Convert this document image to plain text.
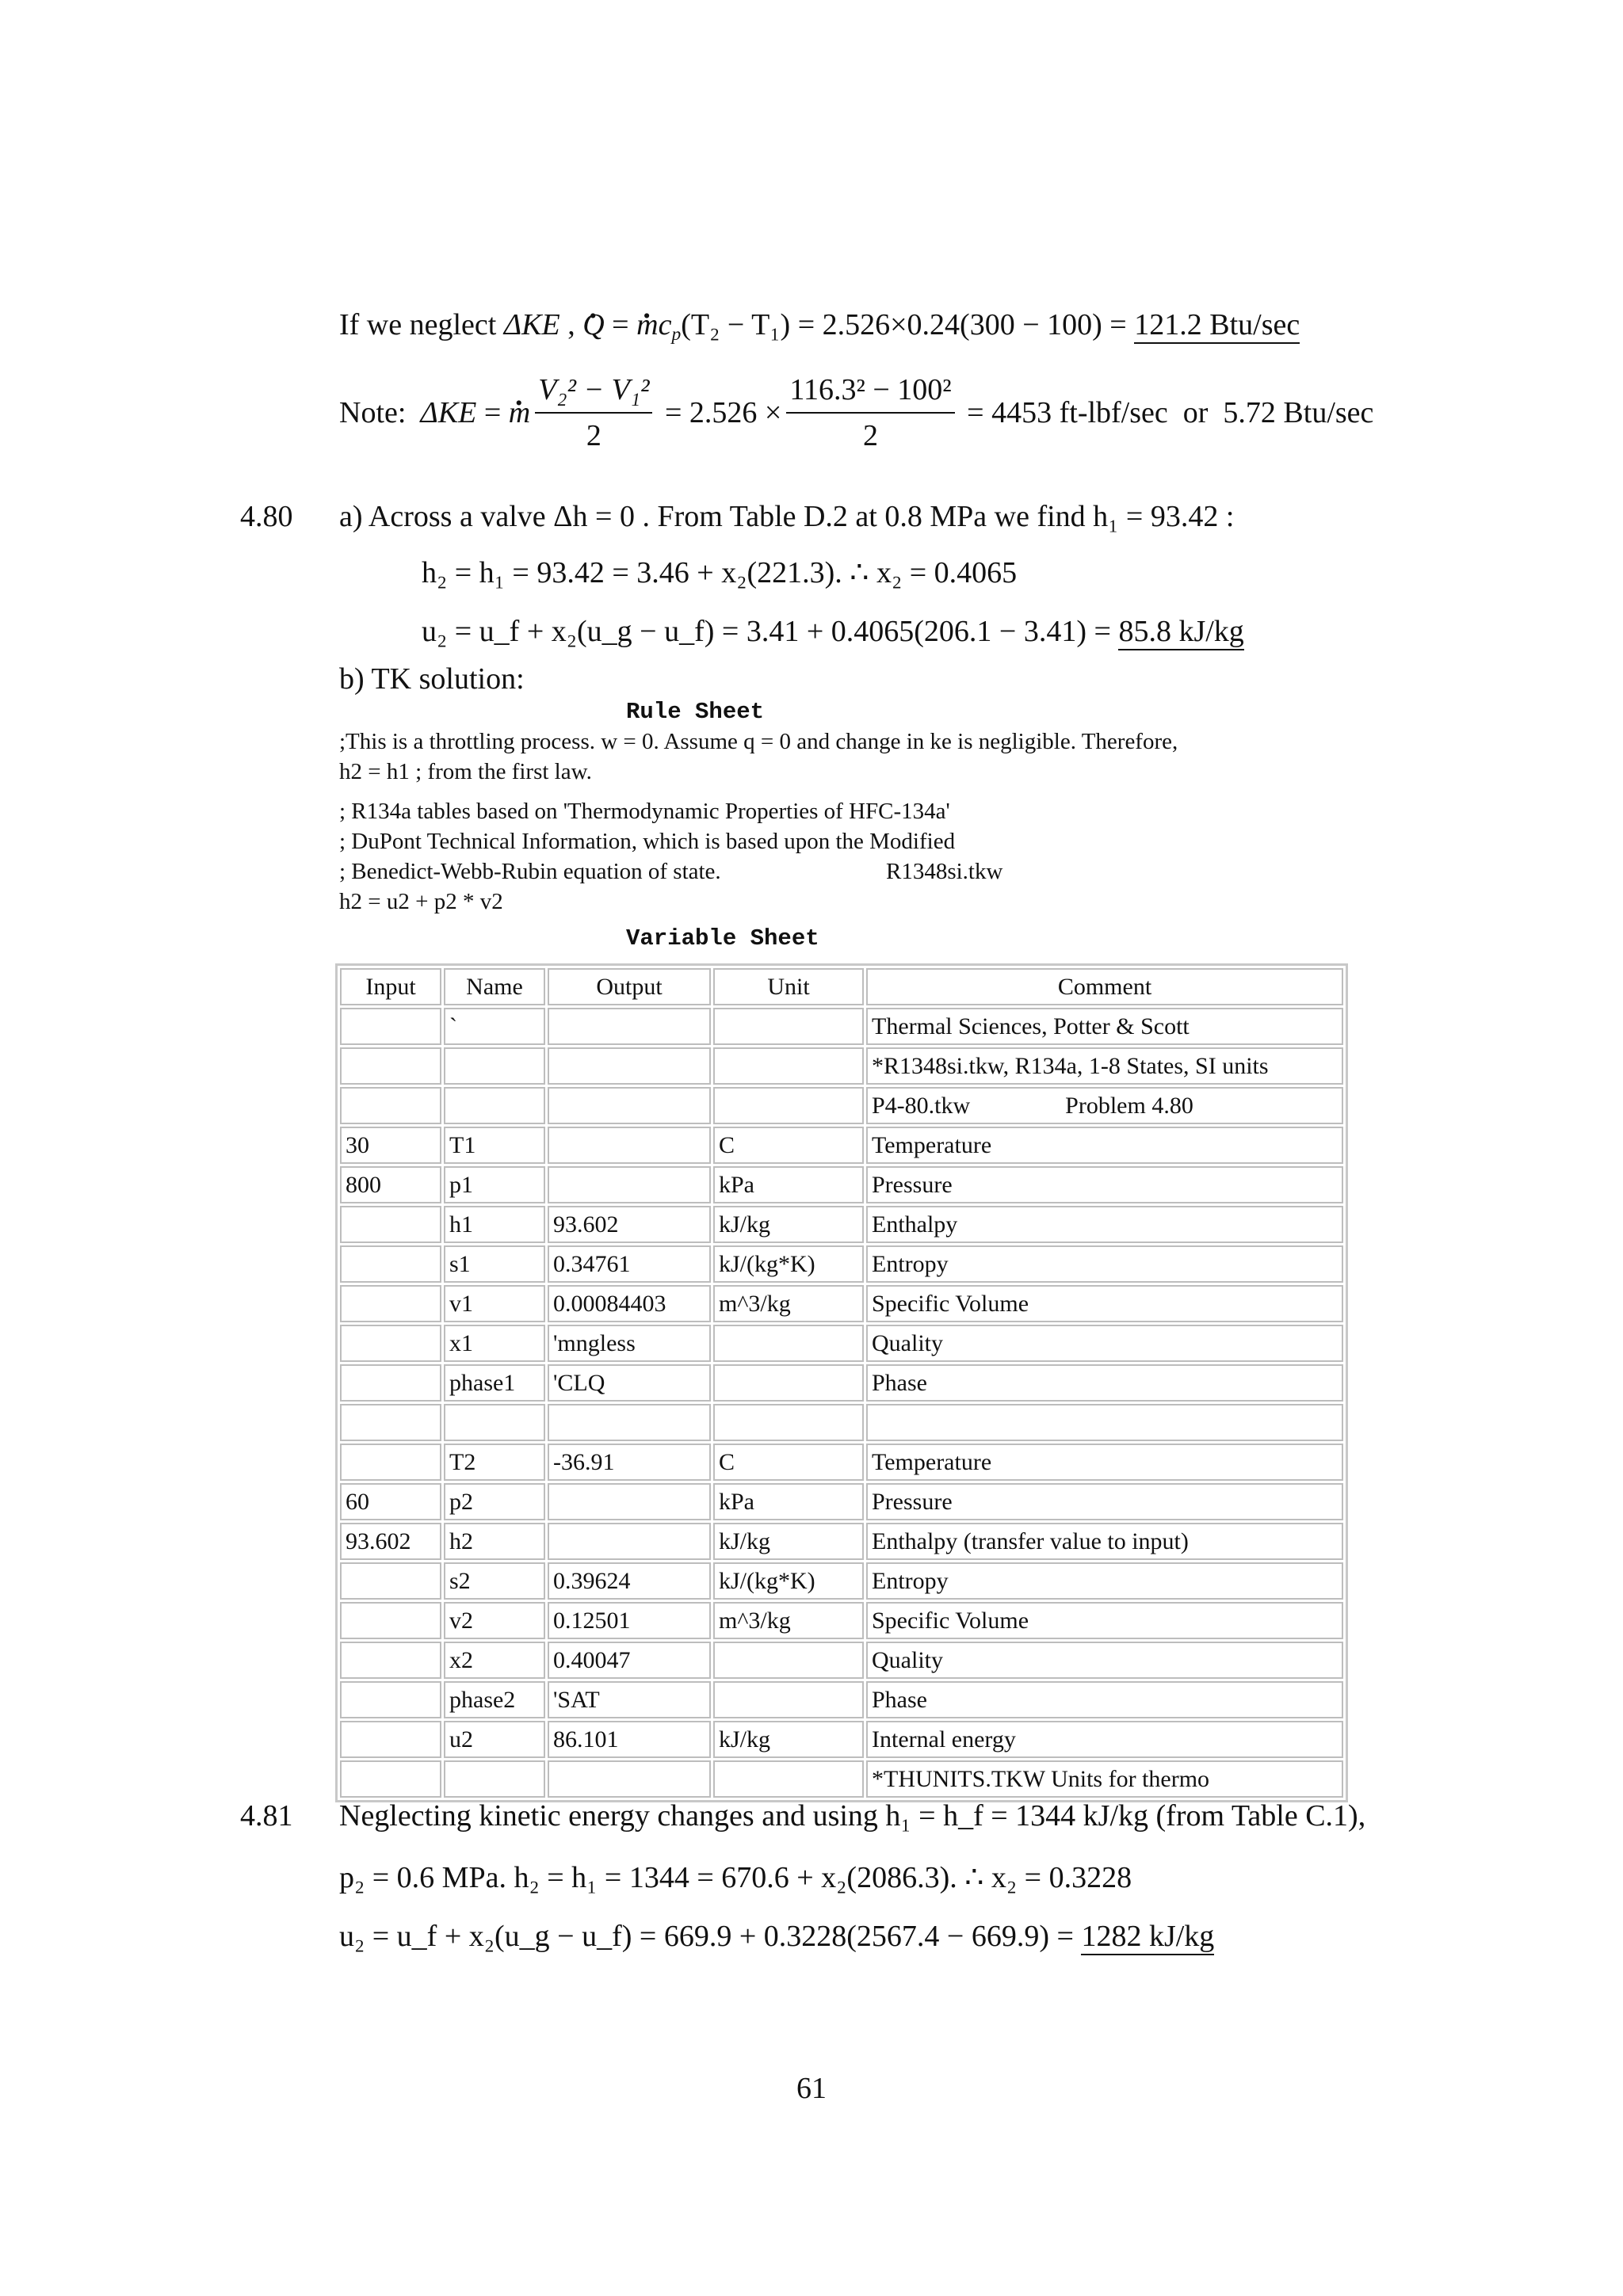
If we neglect ΔKE , . Q = . $mc_p(T_2 - T_1) = 2.526\times 0.24(300 - 100) = 121.2$ Btu/sec
Note: ΔKE = . m $\frac{\text{V₂² − V₁²}}{2} = 2.526 \times \frac{\text{116.3² − 100²}}{2} = 4453$ ft-lbf/sec  or  5.72 Btu/sec
4.80 a) Across a valve Δh = 0 . From Table D.2 at 0.8 MPa we find h₁ = 93.42 :
h₂ = h₁ = 93.42 = 3.46 + x₂(221.3). ∴ x₂ = 0.4065
u₂ = u_f + x₂(u_g − u_f) = 3.41 + 0.4065(206.1 − 3.41) = 85.8 kJ/kg
b) TK solution:
Rule Sheet
;This is a throttling process. w = 0. Assume q = 0 and change in ke is negligible. Therefore,
h2 = h1 ; from the first law.
; R134a tables based on 'Thermodynamic Properties of HFC-134a'
; DuPont Technical Information, which is based upon the Modified
; Benedict-Webb-Rubin equation of state.	R1348si.tkw
h2 = u2 + p2 * v2
Variable Sheet
Input	Name	Output	Unit	Comment
	`			Thermal Sciences, Potter & Scott
				*R1348si.tkw, R134a, 1-8 States, SI units
				P4-80.tkw                Problem 4.80
30	T1		C	Temperature
800	p1		kPa	Pressure
	h1	93.602	kJ/kg	Enthalpy
	s1	0.34761	kJ/(kg*K)	Entropy
	v1	0.00084403	m^3/kg	Specific Volume
	x1	'mngless		Quality
	phase1	'CLQ		Phase

	T2	-36.91	C	Temperature
60	p2		kPa	Pressure
93.602	h2		kJ/kg	Enthalpy (transfer value to input)
	s2	0.39624	kJ/(kg*K)	Entropy
	v2	0.12501	m^3/kg	Specific Volume
	x2	0.40047		Quality
	phase2	'SAT		Phase
	u2	86.101	kJ/kg	Internal energy
				*THUNITS.TKW Units for thermo
4.81 Neglecting kinetic energy changes and using h₁ = h_f = 1344 kJ/kg (from Table C.1),
p₂ = 0.6 MPa. h₂ = h₁ = 1344 = 670.6 + x₂(2086.3). ∴ x₂ = 0.3228
u₂ = u_f + x₂(u_g − u_f) = 669.9 + 0.3228(2567.4 − 669.9) = 1282 kJ/kg
61
